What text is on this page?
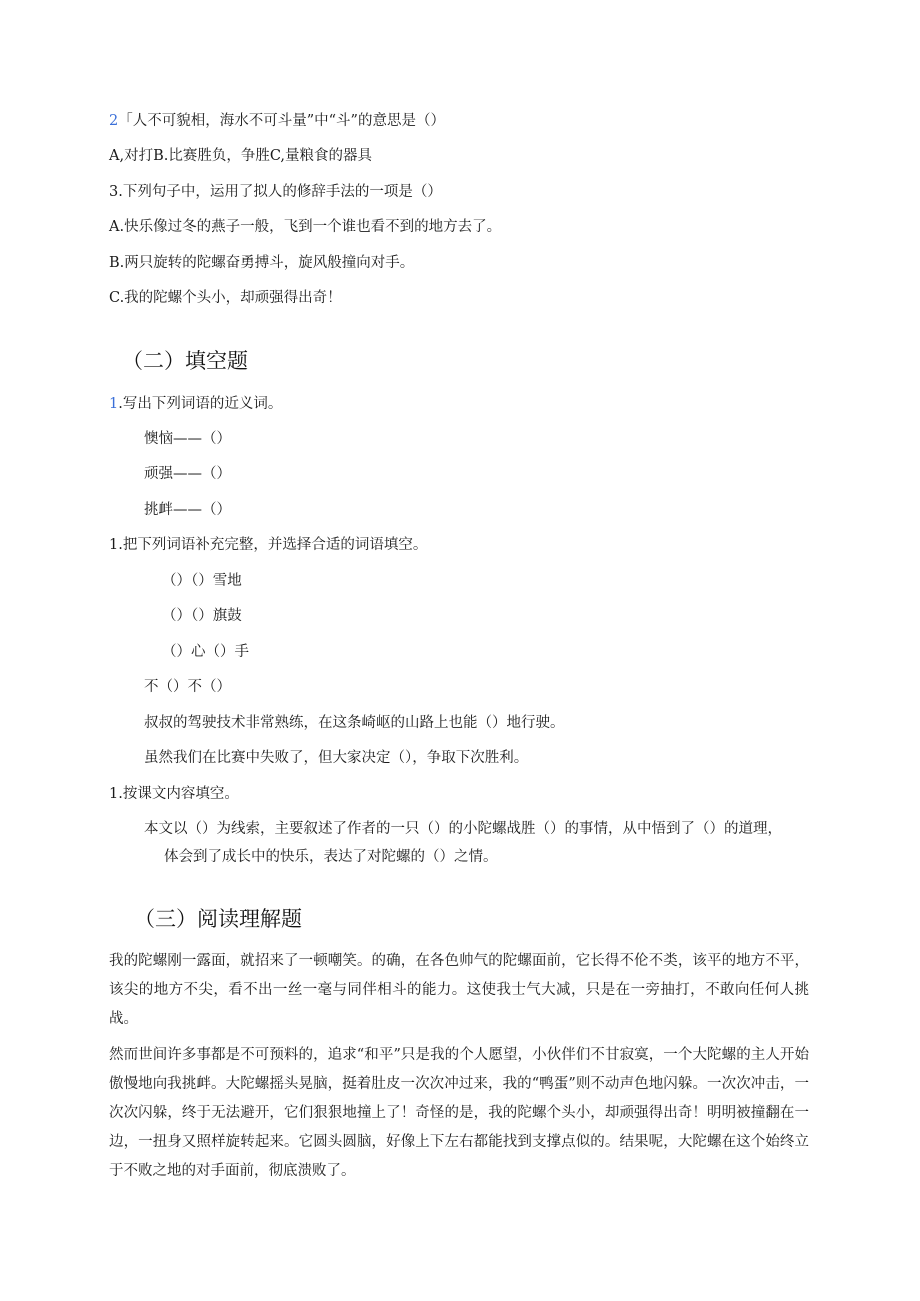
2「人不可貌相，海水不可斗量”中“斗”的意思是（）
A,对打B.比赛胜负，争胜C,量粮食的器具
3.下列句子中，运用了拟人的修辞手法的一项是（）
A.快乐像过冬的燕子一般，飞到一个谁也看不到的地方去了。
B.两只旋转的陀螺奋勇搏斗，旋风般撞向对手。
C.我的陀螺个头小，却顽强得出奇！
（二）填空题
1.写出下列词语的近义词。
懊恼——（）
顽强——（）
挑衅——（）
1.把下列词语补充完整，并选择合适的词语填空。
（）（）雪地
（）（）旗鼓
（）心（）手
不（）不（）
叔叔的驾驶技术非常熟练，在这条崎岖的山路上也能（）地行驶。
虽然我们在比赛中失败了，但大家决定（），争取下次胜利。
1.按课文内容填空。
本文以（）为线索，主要叙述了作者的一只（）的小陀螺战胜（）的事情，从中悟到了（）的道理，
体会到了成长中的快乐，表达了对陀螺的（）之情。
（三）阅读理解题

我的陀螺刚一露面，就招来了一顿嘲笑。的确，在各色帅气的陀螺面前，它长得不伦不类，该平的地方不平，该尖的地方不尖，看不出一丝一毫与同伴相斗的能力。这使我士气大减，只是在一旁抽打，不敢向任何人挑战。

然而世间许多事都是不可预料的，追求“和平”只是我的个人愿望，小伙伴们不甘寂寞，一个大陀螺的主人开始傲慢地向我挑衅。大陀螺摇头晃脑，挺着肚皮一次次冲过来，我的“鸭蛋”则不动声色地闪躲。一次次冲击，一次次闪躲，终于无法避开，它们狠狠地撞上了！奇怪的是，我的陀螺个头小，却顽强得出奇！明明被撞翻在一边，一扭身又照样旋转起来。它圆头圆脑，好像上下左右都能找到支撑点似的。结果呢，大陀螺在这个始终立于不败之地的对手面前，彻底溃败了。
